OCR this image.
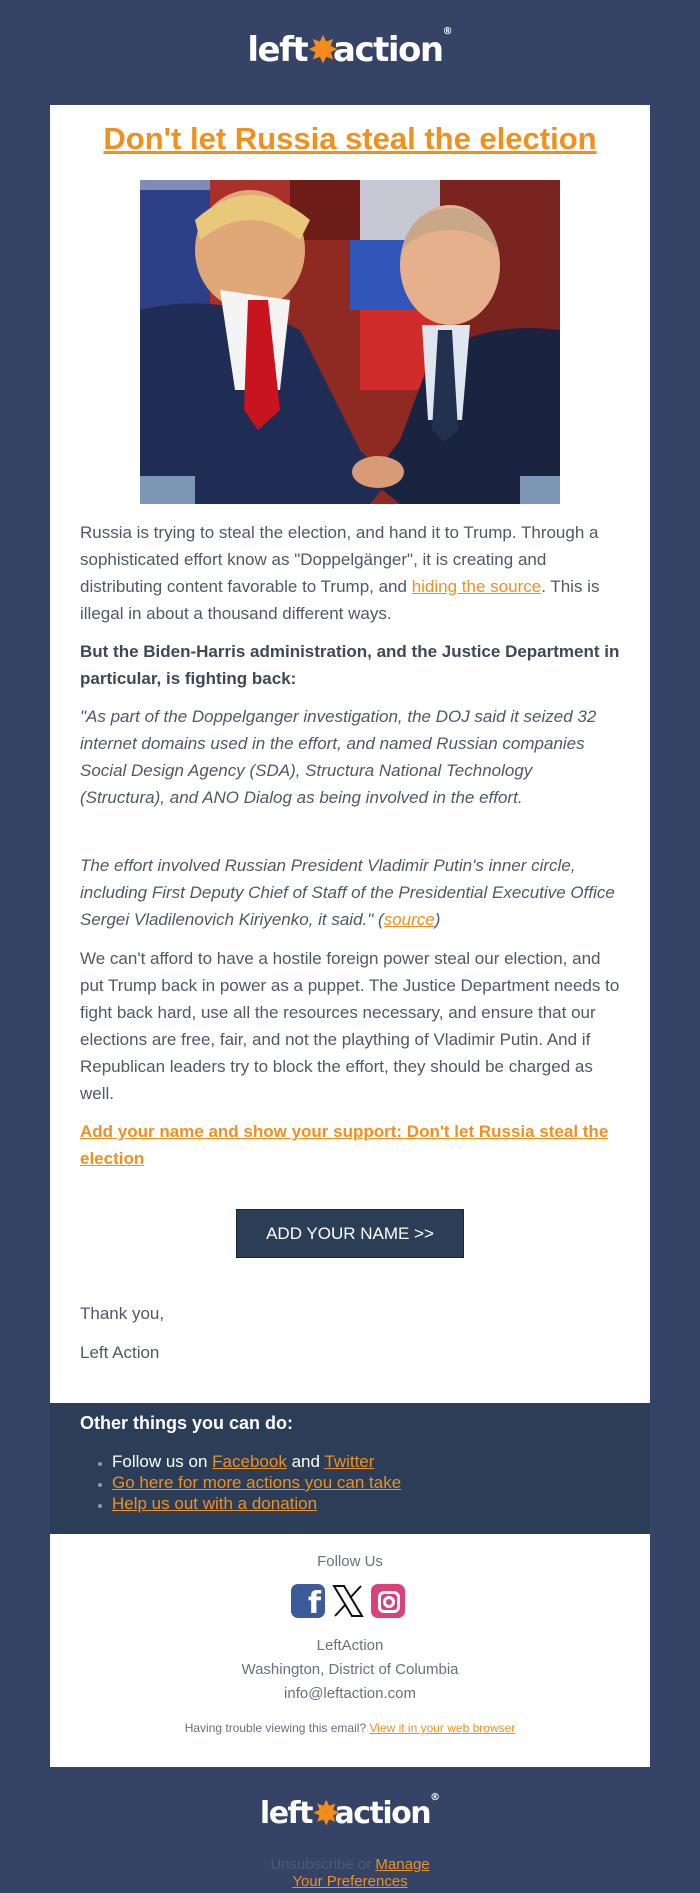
left✸action®
Don't let Russia steal the election

Russia is trying to steal the election, and hand it to Trump. Through a sophisticated effort know as "Doppelgänger", it is creating and distributing content favorable to Trump, and hiding the source. This is illegal in about a thousand different ways.

But the Biden-Harris administration, and the Justice Department in particular, is fighting back:

"As part of the Doppelganger investigation, the DOJ said it seized 32 internet domains used in the effort, and named Russian companies Social Design Agency (SDA), Structura National Technology (Structura), and ANO Dialog as being involved in the effort.

The effort involved Russian President Vladimir Putin's inner circle, including First Deputy Chief of Staff of the Presidential Executive Office Sergei Vladilenovich Kiriyenko, it said." (source)

We can't afford to have a hostile foreign power steal our election, and put Trump back in power as a puppet. The Justice Department needs to fight back hard, use all the resources necessary, and ensure that our elections are free, fair, and not the plaything of Vladimir Putin. And if Republican leaders try to block the effort, they should be charged as well.

Add your name and show your support: Don't let Russia steal the election

ADD YOUR NAME >>

Thank you,

Left Action

Other things you can do:

• Follow us on Facebook and Twitter
• Go here for more actions you can take
• Help us out with a donation
Follow Us
f
LeftAction
Washington, District of Columbia
info@leftaction.com
Having trouble viewing this email? View it in your web browser
left✸action®
Unsubscribe or Manage
Your Preferences
